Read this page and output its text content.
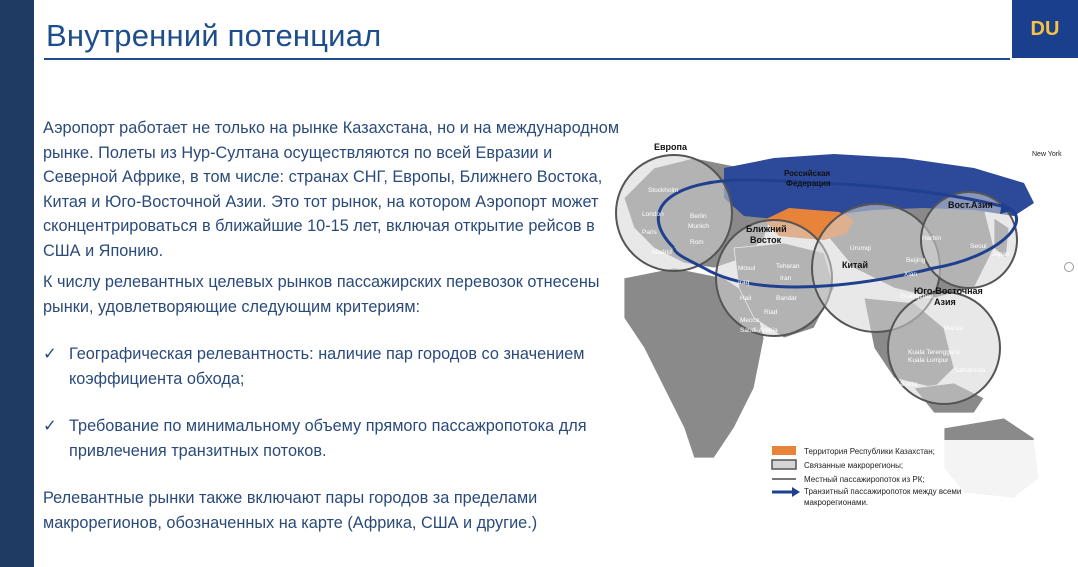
Внутренний потенциал	DU
Аэропорт работает не только на рынке Казахстана, но и на международном рынке. Полеты из Нур-Султана осуществляются по всей Евразии и Северной Африке, в том числе: странах СНГ, Европы, Ближнего Востока, Китая и Юго-Восточной Азии. Это тот рынок, на котором Аэропорт может сконцентрироваться в ближайшие 10-15 лет, включая открытие рейсов в США и Японию.
К числу релевантных целевых рынков пассажирских перевозок отнесены рынки, удовлетворяющие следующим критериям:
✓ Географическая релевантность: наличие пар городов со значением коэффициента обхода;
✓ Требование по минимальному объему прямого пассажропотока для привлечения транзитных потоков.
Релевантные рынки также включают пары городов за пределами макрорегионов, обозначенных на карте (Африка, США и другие.)
Европа
Российская
Федерация
Ближний
Восток
Китай
Вост.Азия
Юго-Восточная
Азия
Stockholm
London	Berlin
Munich
Paris
Rom
Madrid
Mosul	Teheran
Iraq
Iran
Hail	Bandar
Riad
Mecca
Saudi-Arabia
Urumqi
Harbin
Beijing
Xian
Guangzhou
Seoul
Japan
Manila
Kuala Terengganu
Kuala Lumpur
Samarinda
Jakarta
New York
Территория Республики Казахстан;
Связанные макрорегионы;
Местный пассажиропоток из РК;
Транзитный пассажиропоток между всеми
макрорегионами.
